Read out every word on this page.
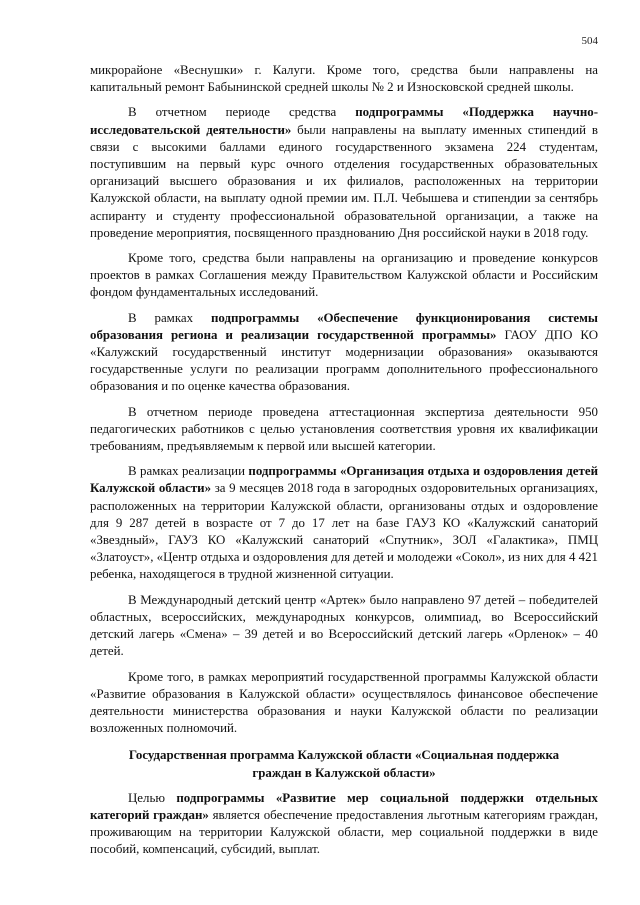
504

микрорайоне «Веснушки» г. Калуги. Кроме того, средства были направлены на капитальный ремонт Бабынинской средней школы № 2 и Износковской средней школы.

В отчетном периоде средства подпрограммы «Поддержка научно-исследовательской деятельности» были направлены на выплату именных стипендий в связи с высокими баллами единого государственного экзамена 224 студентам, поступившим на первый курс очного отделения государственных образовательных организаций высшего образования и их филиалов, расположенных на территории Калужской области, на выплату одной премии им. П.Л. Чебышева и стипендии за сентябрь аспиранту и студенту профессиональной образовательной организации, а также на проведение мероприятия, посвященного празднованию Дня российской науки в 2018 году.

Кроме того, средства были направлены на организацию и проведение конкурсов проектов в рамках Соглашения между Правительством Калужской области и Российским фондом фундаментальных исследований.

В рамках подпрограммы «Обеспечение функционирования системы образования региона и реализации государственной программы» ГАОУ ДПО КО «Калужский государственный институт модернизации образования» оказываются государственные услуги по реализации программ дополнительного профессионального образования и по оценке качества образования.

В отчетном периоде проведена аттестационная экспертиза деятельности 950 педагогических работников с целью установления соответствия уровня их квалификации требованиям, предъявляемым к первой или высшей категории.

В рамках реализации подпрограммы «Организация отдыха и оздоровления детей Калужской области» за 9 месяцев 2018 года в загородных оздоровительных организациях, расположенных на территории Калужской области, организованы отдых и оздоровление для 9 287 детей в возрасте от 7 до 17 лет на базе ГАУЗ КО «Калужский санаторий «Звездный», ГАУЗ КО «Калужский санаторий «Спутник», ЗОЛ «Галактика», ПМЦ «Златоуст», «Центр отдыха и оздоровления для детей и молодежи «Сокол», из них для 4 421 ребенка, находящегося в трудной жизненной ситуации.

В Международный детский центр «Артек» было направлено 97 детей – победителей областных, всероссийских, международных конкурсов, олимпиад, во Всероссийский детский лагерь «Смена» – 39 детей и во Всероссийский детский лагерь «Орленок» – 40 детей.

Кроме того, в рамках мероприятий государственной программы Калужской области «Развитие образования в Калужской области» осуществлялось финансовое обеспечение деятельности министерства образования и науки Калужской области по реализации возложенных полномочий.

Государственная программа Калужской области «Социальная поддержка граждан в Калужской области»

Целью подпрограммы «Развитие мер социальной поддержки отдельных категорий граждан» является обеспечение предоставления льготным категориям граждан, проживающим на территории Калужской области, мер социальной поддержки в виде пособий, компенсаций, субсидий, выплат.
